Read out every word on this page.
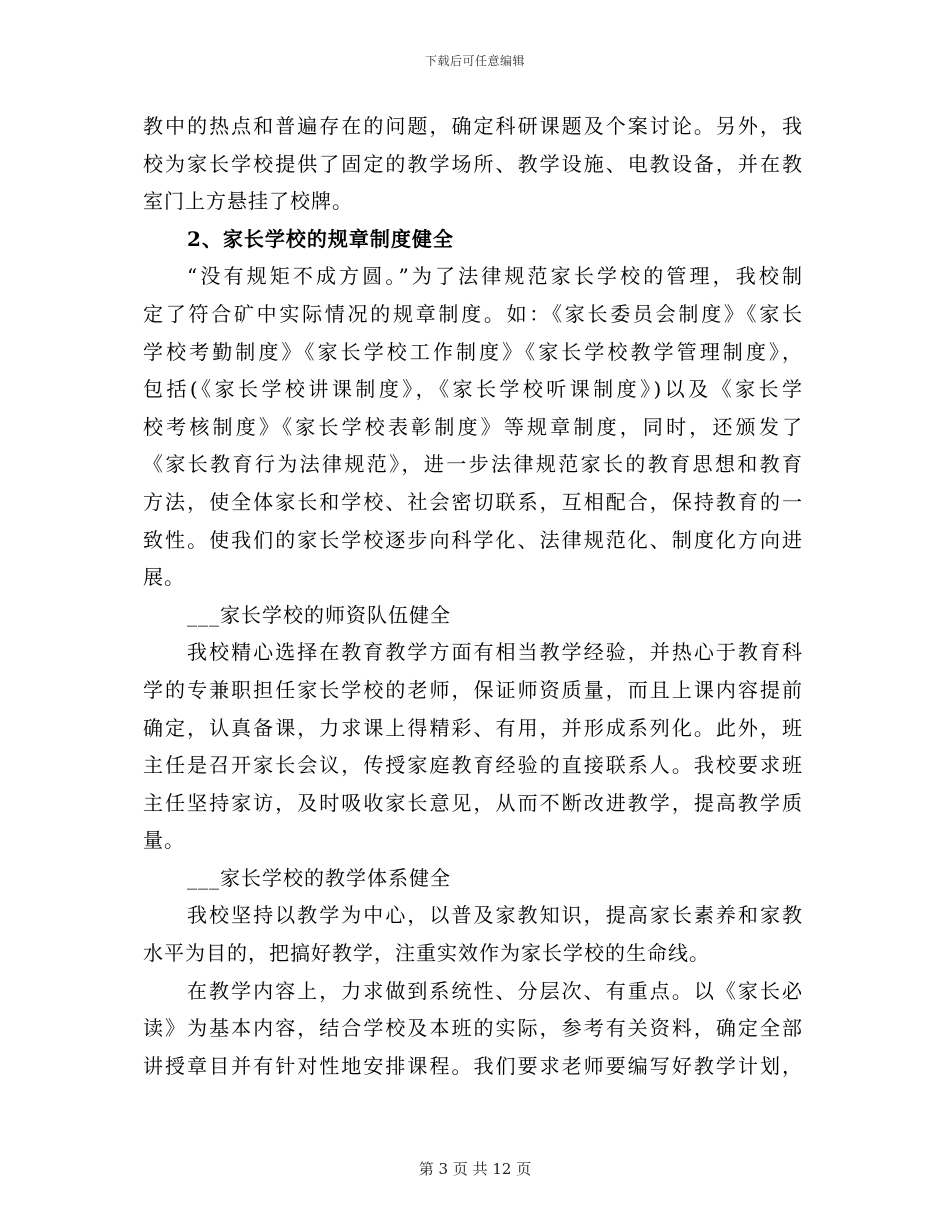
下载后可任意编辑
教中的热点和普遍存在的问题，确定科研课题及个案讨论。另外，我
校为家长学校提供了固定的教学场所、教学设施、电教设备，并在教
室门上方悬挂了校牌。
2、家长学校的规章制度健全
“没有规矩不成方圆。”为了法律规范家长学校的管理，我校制
定了符合矿中实际情况的规章制度。如：《家长委员会制度》《家长
学校考勤制度》《家长学校工作制度》《家长学校教学管理制度》，
包括(《家长学校讲课制度》，《家长学校听课制度》)以及《家长学
校考核制度》《家长学校表彰制度》等规章制度，同时，还颁发了
《家长教育行为法律规范》，进一步法律规范家长的教育思想和教育
方法，使全体家长和学校、社会密切联系，互相配合，保持教育的一
致性。使我们的家长学校逐步向科学化、法律规范化、制度化方向进
展。
___家长学校的师资队伍健全
我校精心选择在教育教学方面有相当教学经验，并热心于教育科
学的专兼职担任家长学校的老师，保证师资质量，而且上课内容提前
确定，认真备课，力求课上得精彩、有用，并形成系列化。此外，班
主任是召开家长会议，传授家庭教育经验的直接联系人。我校要求班
主任坚持家访，及时吸收家长意见，从而不断改进教学，提高教学质
量。
___家长学校的教学体系健全
我校坚持以教学为中心，以普及家教知识，提高家长素养和家教
水平为目的，把搞好教学，注重实效作为家长学校的生命线。
在教学内容上，力求做到系统性、分层次、有重点。以《家长必
读》为基本内容，结合学校及本班的实际，参考有关资料，确定全部
讲授章目并有针对性地安排课程。我们要求老师要编写好教学计划，
第 3 页 共 12 页
